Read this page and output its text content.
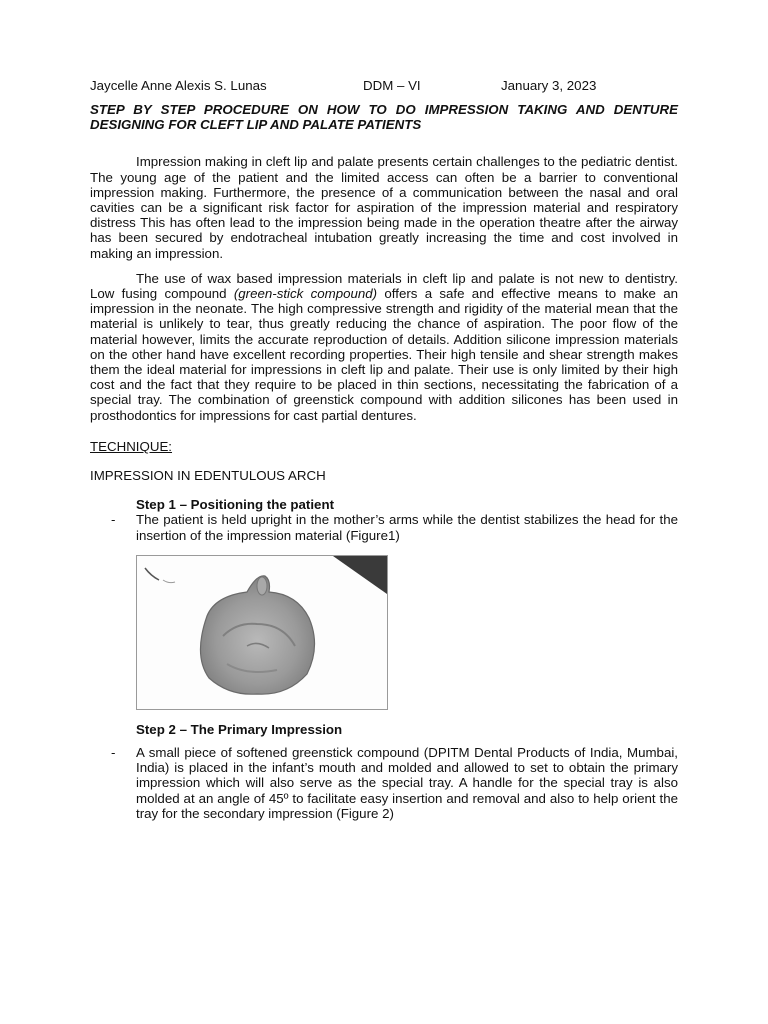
Jaycelle Anne Alexis S. Lunas	DDM – VI	January 3, 2023
STEP BY STEP PROCEDURE ON HOW TO DO IMPRESSION TAKING AND DENTURE DESIGNING FOR CLEFT LIP AND PALATE PATIENTS

Impression making in cleft lip and palate presents certain challenges to the pediatric dentist. The young age of the patient and the limited access can often be a barrier to conventional impression making. Furthermore, the presence of a communication between the nasal and oral cavities can be a significant risk factor for aspiration of the impression material and respiratory distress This has often lead to the impression being made in the operation theatre after the airway has been secured by endotracheal intubation greatly increasing the time and cost involved in making an impression.

The use of wax based impression materials in cleft lip and palate is not new to dentistry. Low fusing compound (green-stick compound) offers a safe and effective means to make an impression in the neonate. The high compressive strength and rigidity of the material mean that the material is unlikely to tear, thus greatly reducing the chance of aspiration. The poor flow of the material however, limits the accurate reproduction of details. Addition silicone impression materials on the other hand have excellent recording properties. Their high tensile and shear strength makes them the ideal material for impressions in cleft lip and palate. Their use is only limited by their high cost and the fact that they require to be placed in thin sections, necessitating the fabrication of a special tray. The combination of greenstick compound with addition silicones has been used in prosthodontics for impressions for cast partial dentures.

TECHNIQUE:
IMPRESSION IN EDENTULOUS ARCH
Step 1 – Positioning the patient
-	The patient is held upright in the mother’s arms while the dentist stabilizes the head for the insertion of the impression material (Figure1)
Step 2 – The Primary Impression
-	A small piece of softened greenstick compound (DPITM Dental Products of India, Mumbai, India) is placed in the infant’s mouth and molded and allowed to set to obtain the primary impression which will also serve as the special tray. A handle for the special tray is also molded at an angle of 45º to facilitate easy insertion and removal and also to help orient the tray for the secondary impression (Figure 2)
